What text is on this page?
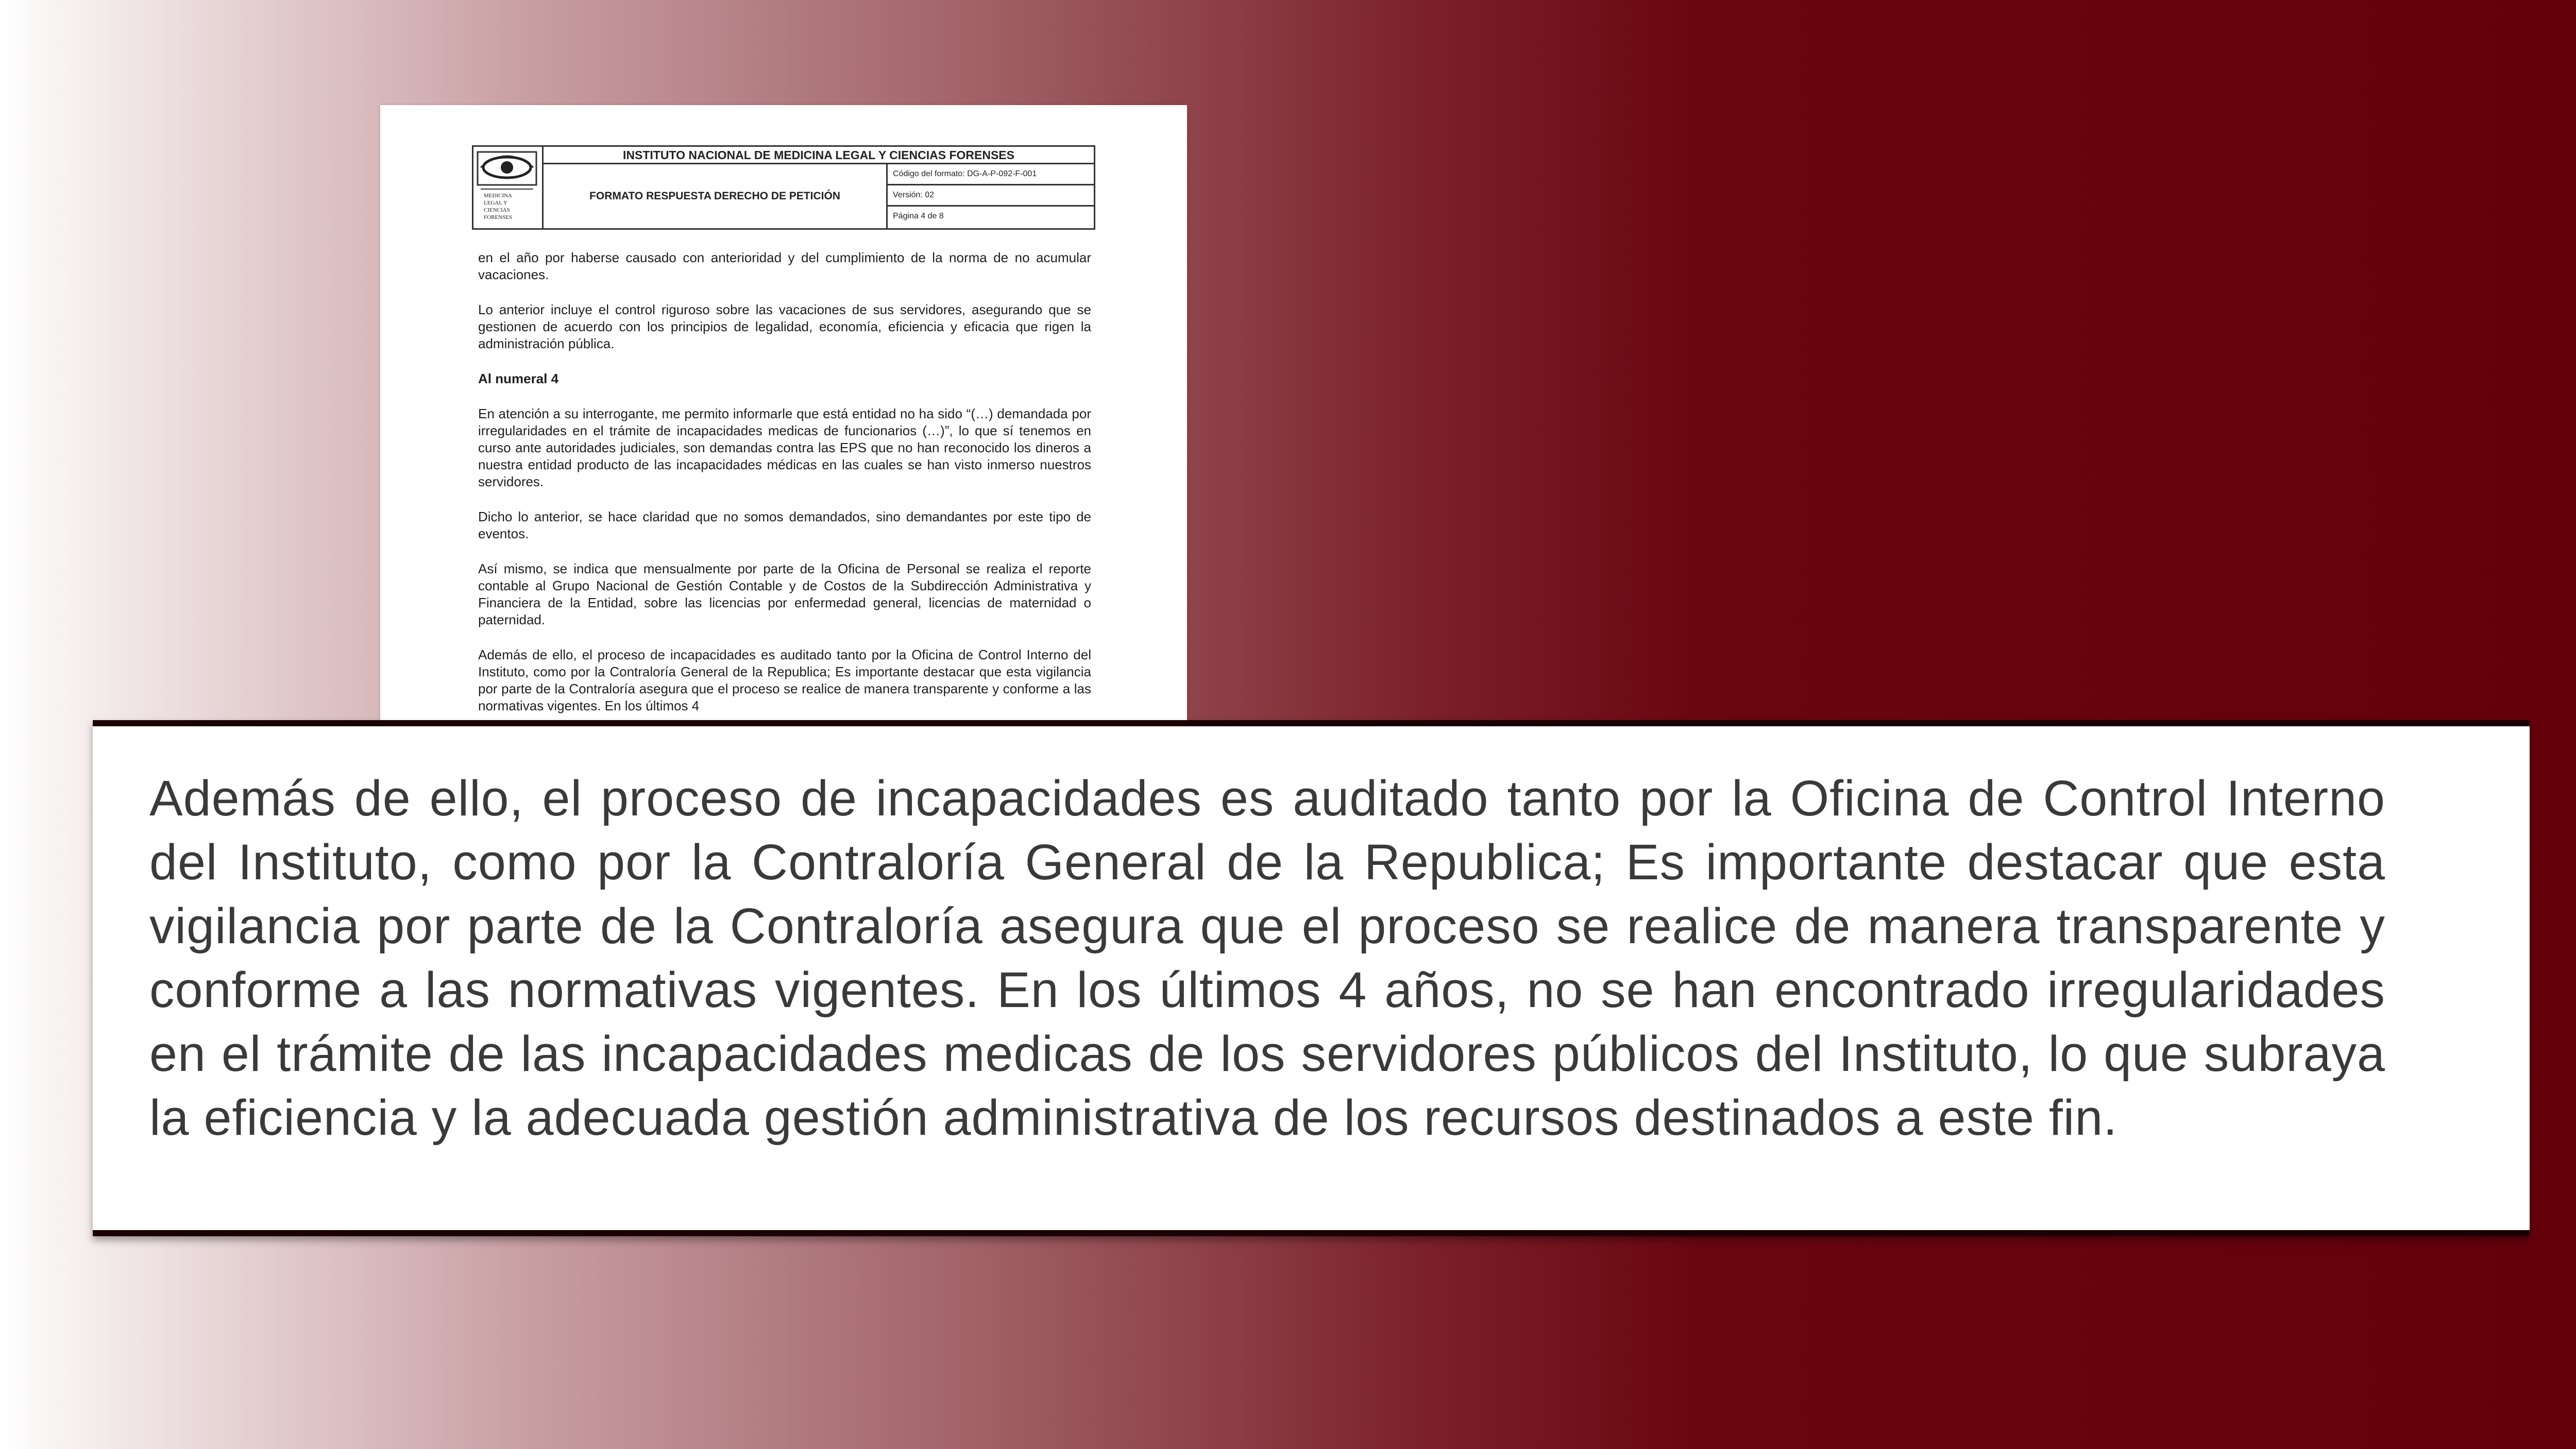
MEDICINA
LEGAL Y
CIENCIAS
FORENSES
INSTITUTO NACIONAL DE MEDICINA LEGAL Y CIENCIAS FORENSES
FORMATO RESPUESTA DERECHO DE PETICIÓN
Código del formato: DG-A-P-092-F-001
Versión: 02
Página 4 de 8

en el año por haberse causado con anterioridad y del cumplimiento de la norma de no acumular vacaciones.

Lo anterior incluye el control riguroso sobre las vacaciones de sus servidores, asegurando que se gestionen de acuerdo con los principios de legalidad, economía, eficiencia y eficacia que rigen la administración pública.

Al numeral 4

En atención a su interrogante, me permito informarle que está entidad no ha sido “(…) demandada por irregularidades en el trámite de incapacidades medicas de funcionarios (…)”, lo que sí tenemos en curso ante autoridades judiciales, son demandas contra las EPS que no han reconocido los dineros a nuestra entidad producto de las incapacidades médicas en las cuales se han visto inmerso nuestros servidores.

Dicho lo anterior, se hace claridad que no somos demandados, sino demandantes por este tipo de eventos.

Así mismo, se indica que mensualmente por parte de la Oficina de Personal se realiza el reporte contable al Grupo Nacional de Gestión Contable y de Costos de la Subdirección Administrativa y Financiera de la Entidad, sobre las licencias por enfermedad general, licencias de maternidad o paternidad.

Además de ello, el proceso de incapacidades es auditado tanto por la Oficina de Control Interno del Instituto, como por la Contraloría General de la Republica; Es importante destacar que esta vigilancia por parte de la Contraloría asegura que el proceso se realice de manera transparente y conforme a las normativas vigentes. En los últimos 4

Además de ello, el proceso de incapacidades es auditado tanto por la Oficina de Control Interno del Instituto, como por la Contraloría General de la Republica; Es importante destacar que esta vigilancia por parte de la Contraloría asegura que el proceso se realice de manera transparente y conforme a las normativas vigentes. En los últimos 4 años, no se han encontrado irregularidades en el trámite de las incapacidades medicas de los servidores públicos del Instituto, lo que subraya la eficiencia y la adecuada gestión administrativa de los recursos destinados a este fin.
